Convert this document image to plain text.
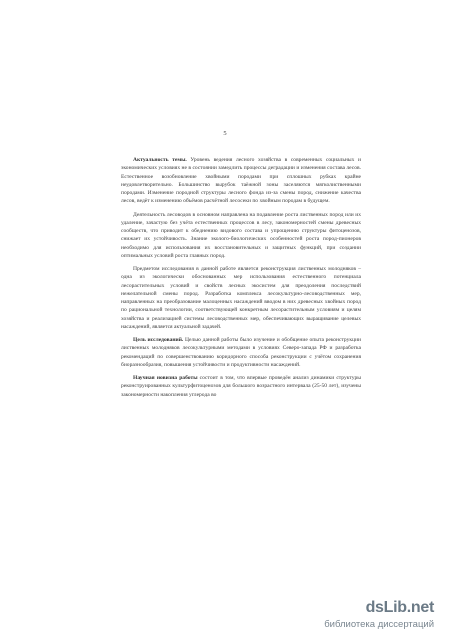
5

Актуальность темы. Уровень ведения лесного хозяйства в современных социальных и экономических условиях не в состоянии замедлить процессы деградации и изменения состава лесов. Естественное возобновление хвойными породами при сплошных рубках крайне неудовлетворительно. Большинство вырубок таёжной зоны заселяются мягколиственными породами. Изменение породной структуры лесного фонда из-за смены пород, снижение качества лесов, ведёт к изменению объёмов расчётной лесосеки по хвойным породам в будущем.

Деятельность лесоводов в основном направлена на подавление роста лиственных пород или их удаление, зачастую без учёта естественных процессов в лесу, закономерностей смены древесных сообществ, что приводит к обеднению видового состава и упрощению структуры фитоценозов, снижает их устойчивость. Знание эколого-биологических особенностей роста пород-пионеров необходимо для использования их восстановительных и защитных функций, при создании оптимальных условий роста главных пород.

Предметом исследования в данной работе является реконструкция лиственных молодняков – одна из экологически обоснованных мер использования естественного потенциала лесорастительных условий и свойств лесных экосистем для преодоления последствий нежелательной смены пород. Разработка комплекса лесокультурно-лесоводственных мер, направленных на преобразование малоценных насаждений вводом в них древесных хвойных пород по рациональной технологии, соответствующей конкретным лесорастительным условиям и целям хозяйства и реализацией системы лесоводственных мер, обеспечивающих выращивание целевых насаждений, является актуальной задачей.

Цель исследований. Целью данной работы было изучение и обобщение опыта реконструкции лиственных молодняков лесокультурными методами в условиях Северо-запада РФ и разработка рекомендаций по совершенствованию коридорного способа реконструкции с учётом сохранения биоразнообразия, повышения устойчивости и продуктивности насаждений.

Научная новизна работы состоит в том, что впервые проведён анализ динамики структуры реконструированных культурфитоценозов для большого возрастного интервала (25-50 лет), изучены закономерности накопления углерода во

dsLib.net
библиотека диссертаций
